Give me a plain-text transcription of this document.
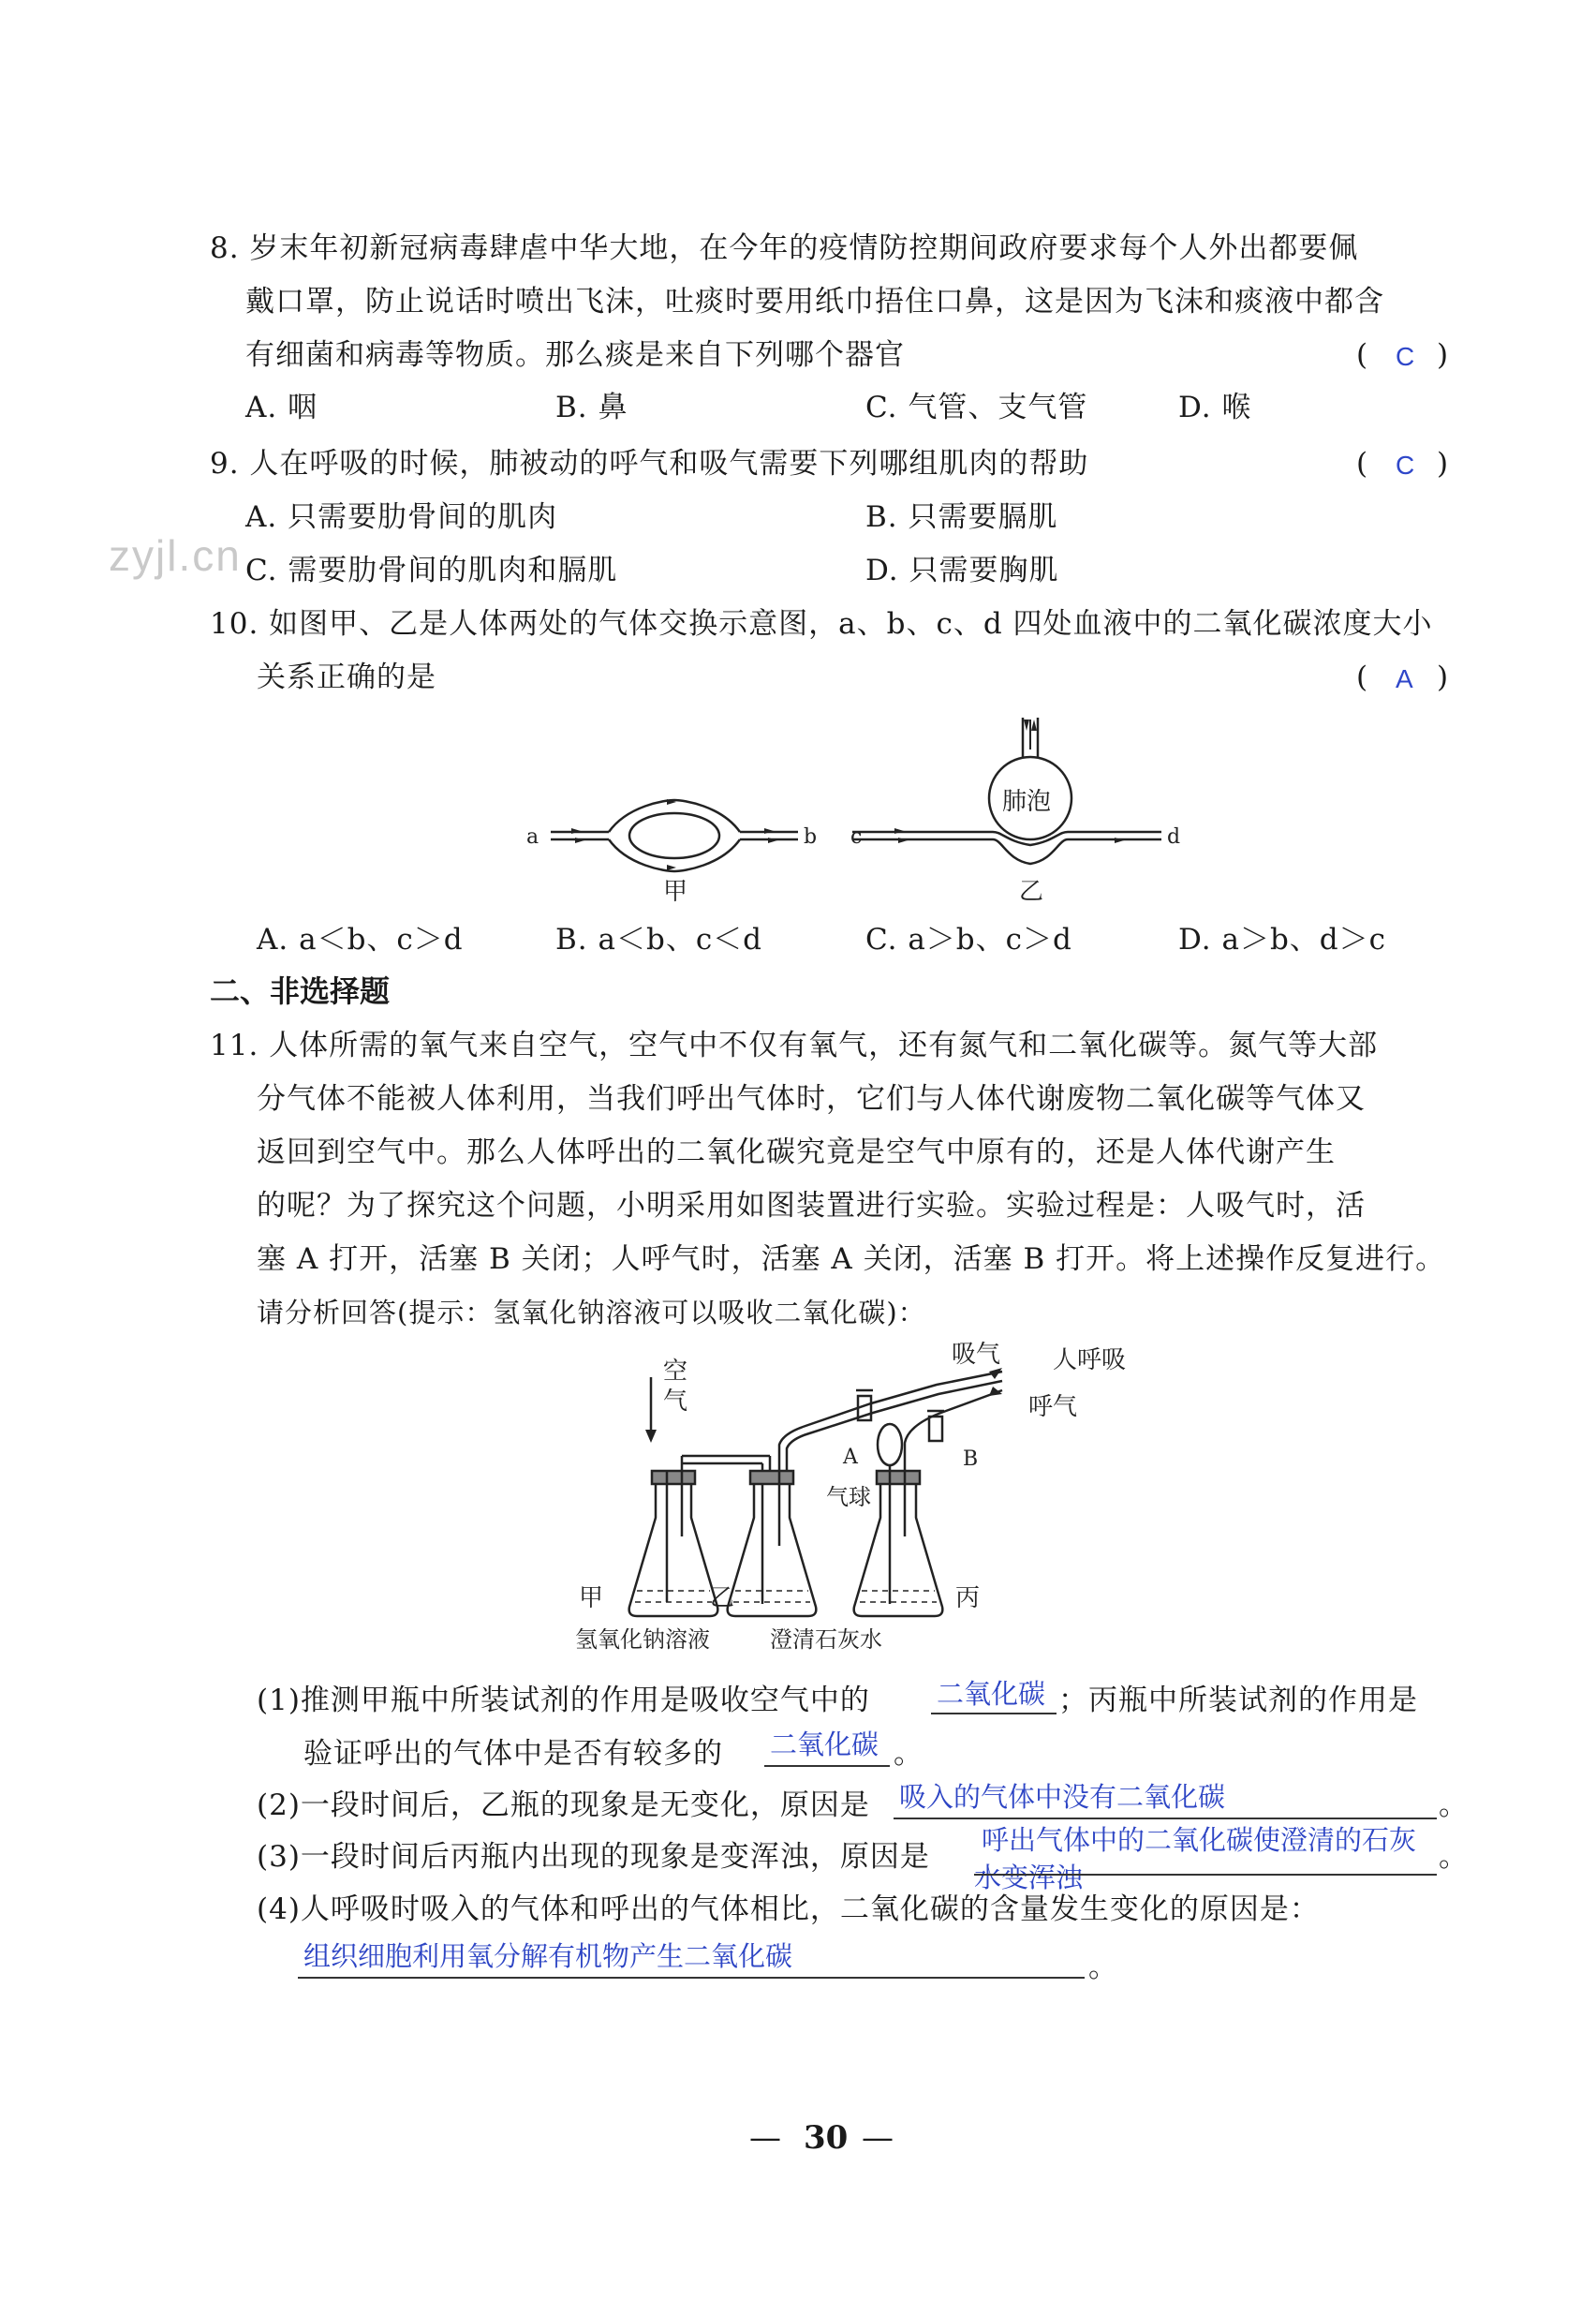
8. 岁末年初新冠病毒肆虐中华大地，在今年的疫情防控期间政府要求每个人外出都要佩
戴口罩，防止说话时喷出飞沫，吐痰时要用纸巾捂住口鼻，这是因为飞沫和痰液中都含
有细菌和病毒等物质。那么痰是来自下列哪个器官	( C )
A. 咽	B. 鼻	C. 气管、支气管	D. 喉
9. 人在呼吸的时候，肺被动的呼气和吸气需要下列哪组肌肉的帮助	( C )
A. 只需要肋骨间的肌肉	B. 只需要膈肌
C. 需要肋骨间的肌肉和膈肌	D. 只需要胸肌
zyjl.cn
10. 如图甲、乙是人体两处的气体交换示意图，a、b、c、d 四处血液中的二氧化碳浓度大小
关系正确的是	( A )
a	b
甲
c	d
肺泡
乙
A. a＜b、c＞d	B. a＜b、c＜d	C. a＞b、c＞d	D. a＞b、d＞c
二、非选择题
11. 人体所需的氧气来自空气，空气中不仅有氧气，还有氮气和二氧化碳等。氮气等大部
分气体不能被人体利用，当我们呼出气体时，它们与人体代谢废物二氧化碳等气体又
返回到空气中。那么人体呼出的二氧化碳究竟是空气中原有的，还是人体代谢产生
的呢？为了探究这个问题，小明采用如图装置进行实验。实验过程是：人吸气时，活
塞 A 打开，活塞 B 关闭；人呼气时，活塞 A 关闭，活塞 B 打开。将上述操作反复进行。
请分析回答(提示：氢氧化钠溶液可以吸收二氧化碳)：
空
气
吸气 人呼吸
呼气
A	B
气球
甲	乙	丙
氢氧化钠溶液	澄清石灰水
(1)推测甲瓶中所装试剂的作用是吸收空气中的 二氧化碳 ；丙瓶中所装试剂的作用是
验证呼出的气体中是否有较多的 二氧化碳 。
(2)一段时间后，乙瓶的现象是无变化，原因是 吸入的气体中没有二氧化碳	。
(3)一段时间后丙瓶内出现的现象是变浑浊，原因是 呼出气体中的二氧化碳使澄清的石灰
水变浑浊
。
(4)人呼吸时吸入的气体和呼出的气体相比，二氧化碳的含量发生变化的原因是：
组织细胞利用氧分解有机物产生二氧化碳	。
— 30 —
